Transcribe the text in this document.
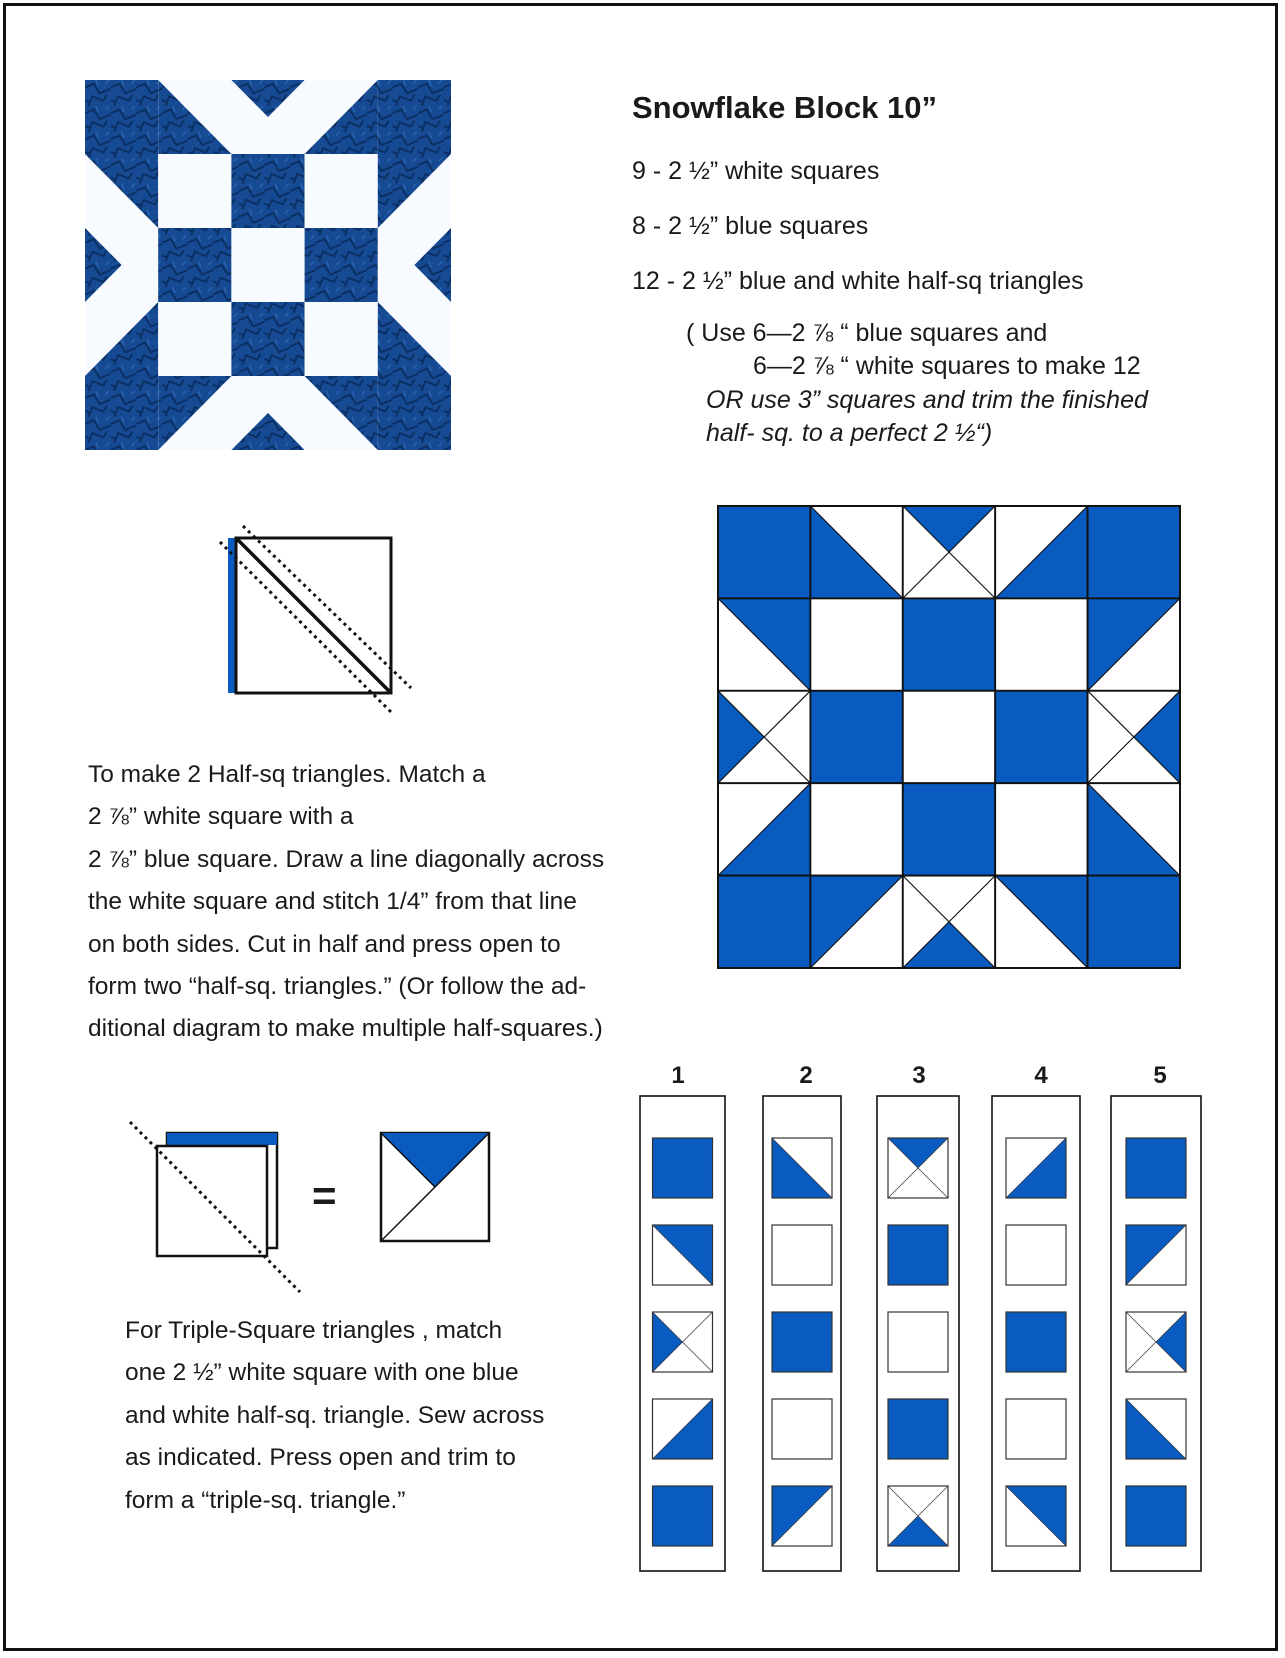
Snowflake Block 10”
9 - 2 ½” white squares
8 - 2 ½” blue squares
12 - 2 ½” blue and white half-sq triangles
( Use 6—2 ⅞ “ blue squares and
6—2 ⅞ “ white squares to make 12
OR use 3” squares and trim the finished
half- sq. to a perfect 2 ½“)
To make 2 Half-sq triangles. Match a
2 ⅞” white square with a
2 ⅞” blue square. Draw a line diagonally across
the white square and stitch 1/4” from that line
on both sides. Cut in half and press open to
form two “half-sq. triangles.” (Or follow the ad-
ditional diagram to make multiple half-squares.)
=
For Triple-Square triangles , match
one 2 ½” white square with one blue
and white half-sq. triangle. Sew across
as indicated. Press open and trim to
form a “triple-sq. triangle.”
1	2	3	4	5
